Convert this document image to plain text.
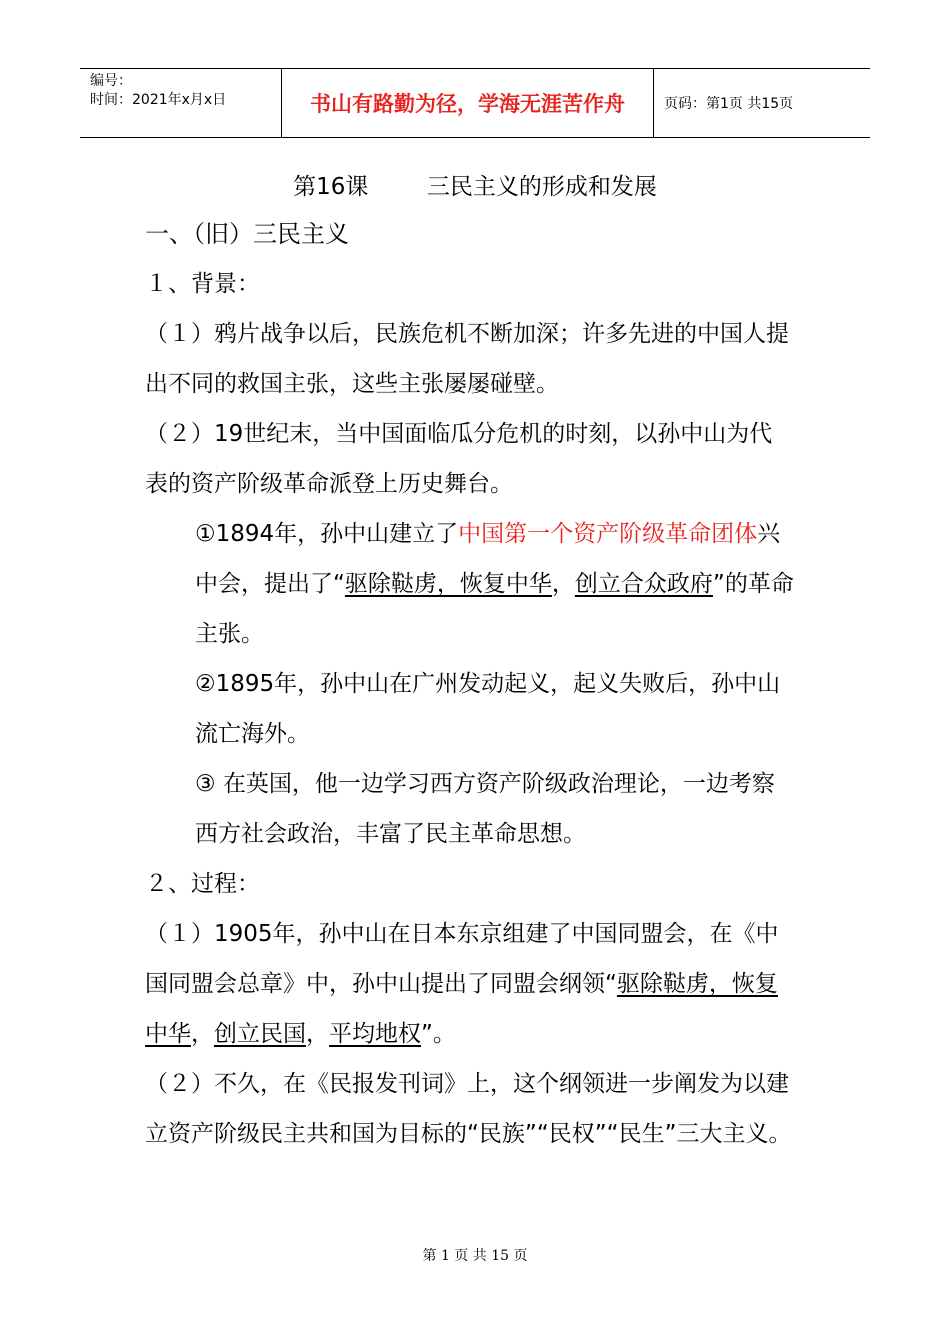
编号：
时间：2021年x月x日	书山有路勤为径，学海无涯苦作舟	页码：第1页 共15页
第16课        三民主义的形成和发展

一、（旧）三民主义

１、背景：

（１）鸦片战争以后，民族危机不断加深；许多先进的中国人提出不同的救国主张，这些主张屡屡碰壁。

（２）19世纪末，当中国面临瓜分危机的时刻，以孙中山为代表的资产阶级革命派登上历史舞台。

①1894年，孙中山建立了中国第一个资产阶级革命团体兴中会，提出了“驱除鞑虏，恢复中华，创立合众政府”的革命主张。

②1895年，孙中山在广州发动起义，起义失败后，孙中山流亡海外。

③ 在英国，他一边学习西方资产阶级政治理论，一边考察西方社会政治，丰富了民主革命思想。

２、过程：

（１）1905年，孙中山在日本东京组建了中国同盟会，在《中国同盟会总章》中，孙中山提出了同盟会纲领“驱除鞑虏，恢复中华，创立民国，平均地权”。

（２）不久，在《民报发刊词》上，这个纲领进一步阐发为以建立资产阶级民主共和国为目标的“民族”“民权”“民生”三大主义。

第 1 页 共 15 页
